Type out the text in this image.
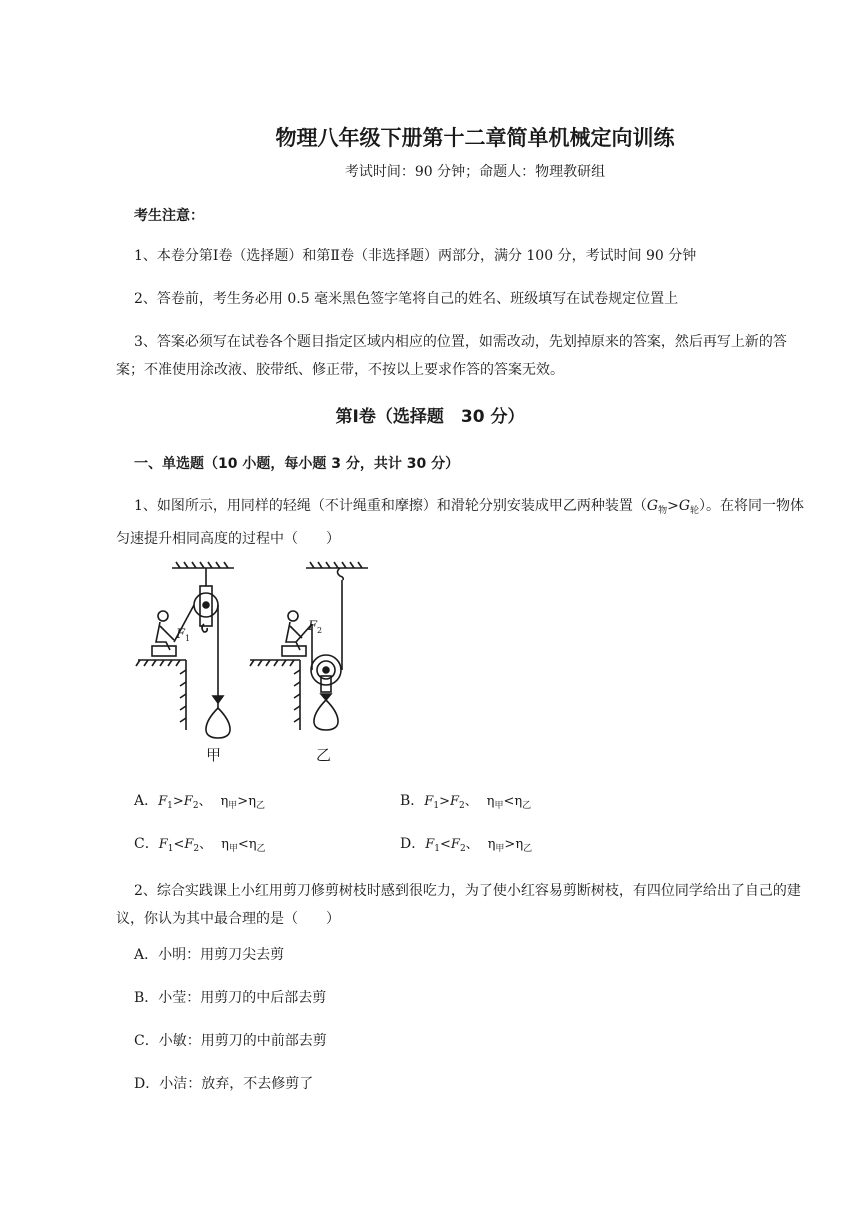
物理八年级下册第十二章简单机械定向训练
考试时间：90 分钟；命题人：物理教研组
考生注意：
1、本卷分第Ⅰ卷（选择题）和第Ⅱ卷（非选择题）两部分，满分 100 分，考试时间 90 分钟
2、答卷前，考生务必用 0.5 毫米黑色签字笔将自己的姓名、班级填写在试卷规定位置上
3、答案必须写在试卷各个题目指定区域内相应的位置，如需改动，先划掉原来的答案，然后再写上新的答案；不准使用涂改液、胶带纸、修正带，不按以上要求作答的答案无效。
第Ⅰ卷（选择题　30 分）
一、单选题（10 小题，每小题 3 分，共计 30 分）
1、如图所示，用同样的轻绳（不计绳重和摩擦）和滑轮分别安装成甲乙两种装置$(G_物>G_轮)$。在将同一物体匀速提升相同高度的过程中（　　）
F 1
F 2
甲	乙
A．$F_1>F_2$、 $\eta_甲>\eta_乙$	B．$F_1>F_2$、 $\eta_甲<\eta_乙$
C．$F_1<F_2$、 $\eta_甲<\eta_乙$	D．$F_1<F_2$、 $\eta_甲>\eta_乙$
2、综合实践课上小红用剪刀修剪树枝时感到很吃力，为了使小红容易剪断树枝，有四位同学给出了自己的建议，你认为其中最合理的是（　　）
A．小明：用剪刀尖去剪
B．小莹：用剪刀的中后部去剪
C．小敏：用剪刀的中前部去剪
D．小洁：放弃，不去修剪了
